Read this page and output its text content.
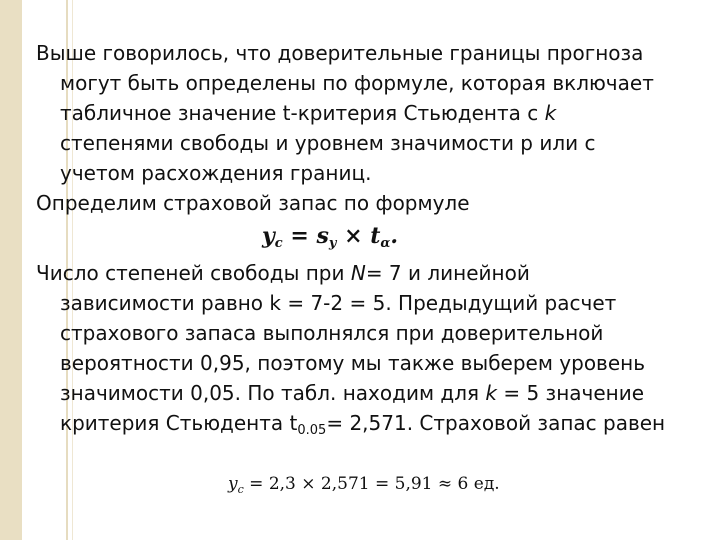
Выше говорилось, что доверительные границы прогноза
могут быть определены по формуле, которая включает
табличное значение t-критерия Стьюдента с k
степенями свободы и уровнем значимости р или с
учетом расхождения границ.

Определим страховой запас по формуле

$y_c = s_y \times t_\alpha$.

Число степеней свободы при N= 7 и линейной
зависимости равно k = 7-2 = 5. Предыдущий расчет
страхового запаса выполнялся при доверительной
вероятности 0,95, поэтому мы также выберем уровень
значимости 0,05. По табл. находим для k = 5 значение
критерия Стьюдента $t_{0.05}= 2,571$. Страховой запас равен

$y_c = 2,3 \times 2,571 = 5,91 \approx 6$ ед.
